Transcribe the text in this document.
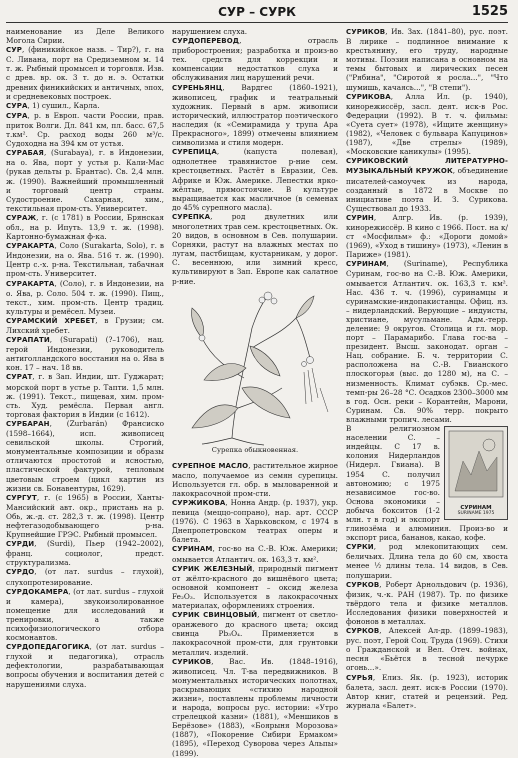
СУР – СУРК	1525

наименование из Деле Великого Могола Сирии.

СУР, (финикийское назв. – Тир?), г. на С. Ливана, порт на Средиземном м. 14 т. ж. Рыбный промысел и торговля. Изв. с древ. вр. ок. 3 т. до н. э. Остатки древних финикийских и античных, эпох, и средневековых построек.

СУРА, 1) сушил., Карла.

СУРА, р. в Европ. части России, прав. приток Волги. Дл. 841 км, пл. басс. 67,5 т.км². Ср. расход воды 260 м³/с. Судоходна на 394 км от устья.

СУРАБАЯ, (Surabaya), г. в Индонезии, на о. Ява, порт у устья р. Кали-Мас (рукав дельты р. Брантас). Св. 2,4 млн. ж. (1990). Важнейший промышленный и торговый центр страны. Судостроение. Сахарная, хим., текстильная пром-сть. Университет.

СУРАЖ, г. (с 1781) в России, Брянская обл., на р. Ипуть. 13,9 т. ж. (1998). Картонно-бумажная ф-ка.

СУРАКАРТА, Соло (Surakarta, Solo), г. в Индонезии, на о. Ява. 516 т. ж. (1990). Центр с.-х. р-на. Текстильная, табачная пром-сть. Университет.

СУРАКАРТА, (Соло), г. в Индонезии, на о. Ява, р. Соло. 504 т. ж. (1990). Пищ., текст., хим. пром-сть. Центр традиц. культуры и ремёсел. Музеи.

СУРАМСКИЙ ХРЕБЕТ, в Грузии; см. Лихский хребет.

СУРАПАТИ, (Surapati) (?–1706), нац. герой Индонезии, руководитель антиголландского восстания на о. Ява в кон. 17 – нач. 18 вв.

СУРАТ, г. в Зап. Индии, шт. Гуджарат; морской порт в устье р. Тапти. 1,5 млн. ж. (1991). Текст., пищевая, хим. пром-сть. Худ. ремёсла. Первая англ. торговая фактория в Индии (с 1612).

СУРБАРАН, (Zurbarán) Франсиско (1598–1664), исп. живописец севильской школы. Строгий, монументальные композиции и образы отличаются простотой и ясностью, пластической фактурой, тепловым цветовым строем (цикл картин из жизни св. Бонавентуры, 1629).

СУРГУТ, г. (с 1965) в России, Ханты-Мансийский авт. окр., пристань на р. Обь, ж.-д. ст. 282,3 т. ж. (1998). Центр нефтегазодобывающего р-на. Крупнейшие ГРЭС. Рыбный промысел.

СУРДИ, (Surdi), Пьер (1942–2002), франц. социолог, предст. структурализма.

СУРДО, (от лат. surdus – глухой), слухопротезирование.

СУРДОКАМЕРА, (от лат. surdus – глухой и камера), звукоизолированное помещение для исследований и тренировки, а также психофизиологического отбора космонавтов.

СУРДОПЕДАГОГИКА, (от лат. surdus – глухой и педагогика), отрасль дефектологии, разрабатывающая вопросы обучения и воспитания детей с нарушениями слуха.

нарушением слуха.

СУРДОПЕРЕВОД, отрасль приборостроения; разработка и произ-во тех. средств для коррекции и компенсации недостатков слуха и обслуживания лиц нарушений речи.

СУРЕНЬЯНЦ, Вардгес (1860–1921), живописец, график и театральный художник. Первый в арм. живописи исторический, иллюстратор поэтического наследия (к «Семирамида у трупа Ара Прекрасного», 1899) отмечены влиянием символизма и стиля модерн.

СУРЕПИЦА, (капуста полевая), однолетнее травянистое р-ние сем. крестоцветных. Растёт в Евразии, Сев. Африке и Юж. Америке. Лепестки ярко-жёлтые, прямостоячие. В культуре выращивается как масличное (в семенах до 45% сурепного масла).

СУРЕПКА, род двулетних или многолетних трав сем. крестоцветных. Ок. 20 видов, в основном в Сев. полушарии. Сорняки, растут на влажных местах по лугам, пастбищам, кустарникам, у дорог. С. весеннюю, или зимний кресс, культивируют в Зап. Европе как салатное р-ние.

Сурепка обыкновенная.

СУРЕПНОЕ МАСЛО, растительное жирное масло, получаемое из семян сурепицы. Используется гл. обр. в мыловаренной и лакокрасочной пром-сти.

СУРЖИКОВА, Нонна Андр. (р. 1937), укр. певица (меццо-сопрано), нар. арт. СССР (1976). С 1963 в Харьковском, с 1974 в Днепропетровском театрах оперы и балета.

СУРИНАМ, гос-во на С.-В. Юж. Америки; омывается Атлантич. ок. 163,3 т. км².

СУРИК ЖЕЛЕЗНЫЙ, природный пигмент от жёлто-красного до вишнёвого цвета; основной компонент – оксид железа Fe₂O₃. Используется в лакокрасочных материалах, оформлениях строения.

СУРИК СВИНЦОВЫЙ, пигмент от светло-оранжевого до красного цвета; оксид свинца Pb₃O₄. Применяется в лакокрасочной пром-сти, для грунтовки металлич. изделий.

СУРИКОВ, Вас. Ив. (1848–1916), живописец. Чл. Т-ва передвижников. В монументальных исторических полотнах, раскрывающих «стихию народной жизни», поставлены проблемы личности и народа, вопросы рус. истории: «Утро стрелецкой казни» (1881), «Меншиков в Берёзове» (1883), «Боярыня Морозова» (1887), «Покорение Сибири Ермаком» (1895), «Переход Суворова через Альпы» (1899).

СУРИКОВ, Ив. Зах. (1841–80), рус. поэт. В лирике – подлинное внимание к крестьянину, его труду, народные мотивы. Поэзия написана в основном на темы бытовых и лирических песен ("Рябина", "Сиротой я росла...", "Что шумишь, качаясь...", "В степи").

СУРИКОВА, Алла Ил. (р. 1940), кинорежиссёр, засл. деят. иск-в Рос. Федерации (1992). В т. ч. фильмы: «Суета сует» (1978), «Ищите женщину» (1982), «Человек с бульвара Капуцинов» (1987), «Две стрелы» (1989), «Московские каникулы» (1995).

СУРИКОВСКИЙ ЛИТЕРАТУРНО-МУЗЫКАЛЬНЫЙ КРУЖОК, объединение писателей-самоучек из народа, созданный в 1872 в Москве по инициативе поэта И. З. Сурикова. Существовал до 1933.

СУРИН, Алгр. Ив. (р. 1939), кинорежиссёр. В кино с 1966. Пост. на к/ст «Мосфильм» ф.: «Дороги домой» (1969), «Уход в тишину» (1973), «Ленин в Париже» (1981).

СУРИНАМ, (Suriname), Республика Суринам, гос-во на С.-В. Юж. Америки, омывается Атлантич. ок. 163,3 т. км². Нас. 436 т. ч. (1996), суринамцы и суринамские-индопакистанцы. Офиц. яз. – нидерландский. Верующие – индуисты, христиане, мусульмане. Адм.-терр. деление: 9 округов. Столица и гл. мор. порт – Парамарибо. Глава гос-ва – президент. Высш. законодат. орган – Нац. собрание. Б. ч. территории С. расположена на С.-В. Гвианского плоскогорья (выс. до 1280 м), на С. – низменность. Климат субэкв. Ср.-мес. темп-ры 26–28 °С. Осадков 2300–3000 мм в год. Осн. реки – Корантейн, Марони, Суринам. Св. 90% терр. покрыто влажными тропич. лесами.

СУРИНАМ
SURINAME 1975

В религиозном населении С. – индейцы. С 17 в. колония Нидерландов (Нидерл. Гвиана). В 1954 С. получил автономию; с 1975 независимое гос-во. Основа экономики – добыча бокситов (1-2 млн. т в год) и экспорт глинозёма и алюминия. Произ-во и экспорт риса, бананов, какао, кофе.

СУРКИ, род млекопитающих сем. беличьих. Длина тела до 60 см, хвоста менее ½ длины тела. 14 видов, в Сев. полушарии.

СУРКОВ, Роберт Арнольдович (р. 1936), физик, ч.-к. РАН (1987). Тр. по физике твёрдого тела и физике металлов. Исследования физики поверхностей и фононов в металлах.

СУРКОВ, Алексей Ал-др. (1899–1983), рус. поэт, Герой Соц. Труда (1969). Стихи о Гражданской и Вел. Отеч. войнах, песня «Бьётся в тесной печурке огонь...».

СУРЬЯ, Елиз. Як. (р. 1923), историк балета, засл. деят. иск-в России (1970). Автор книг, статей и рецензий. Ред. журнала «Балет».
